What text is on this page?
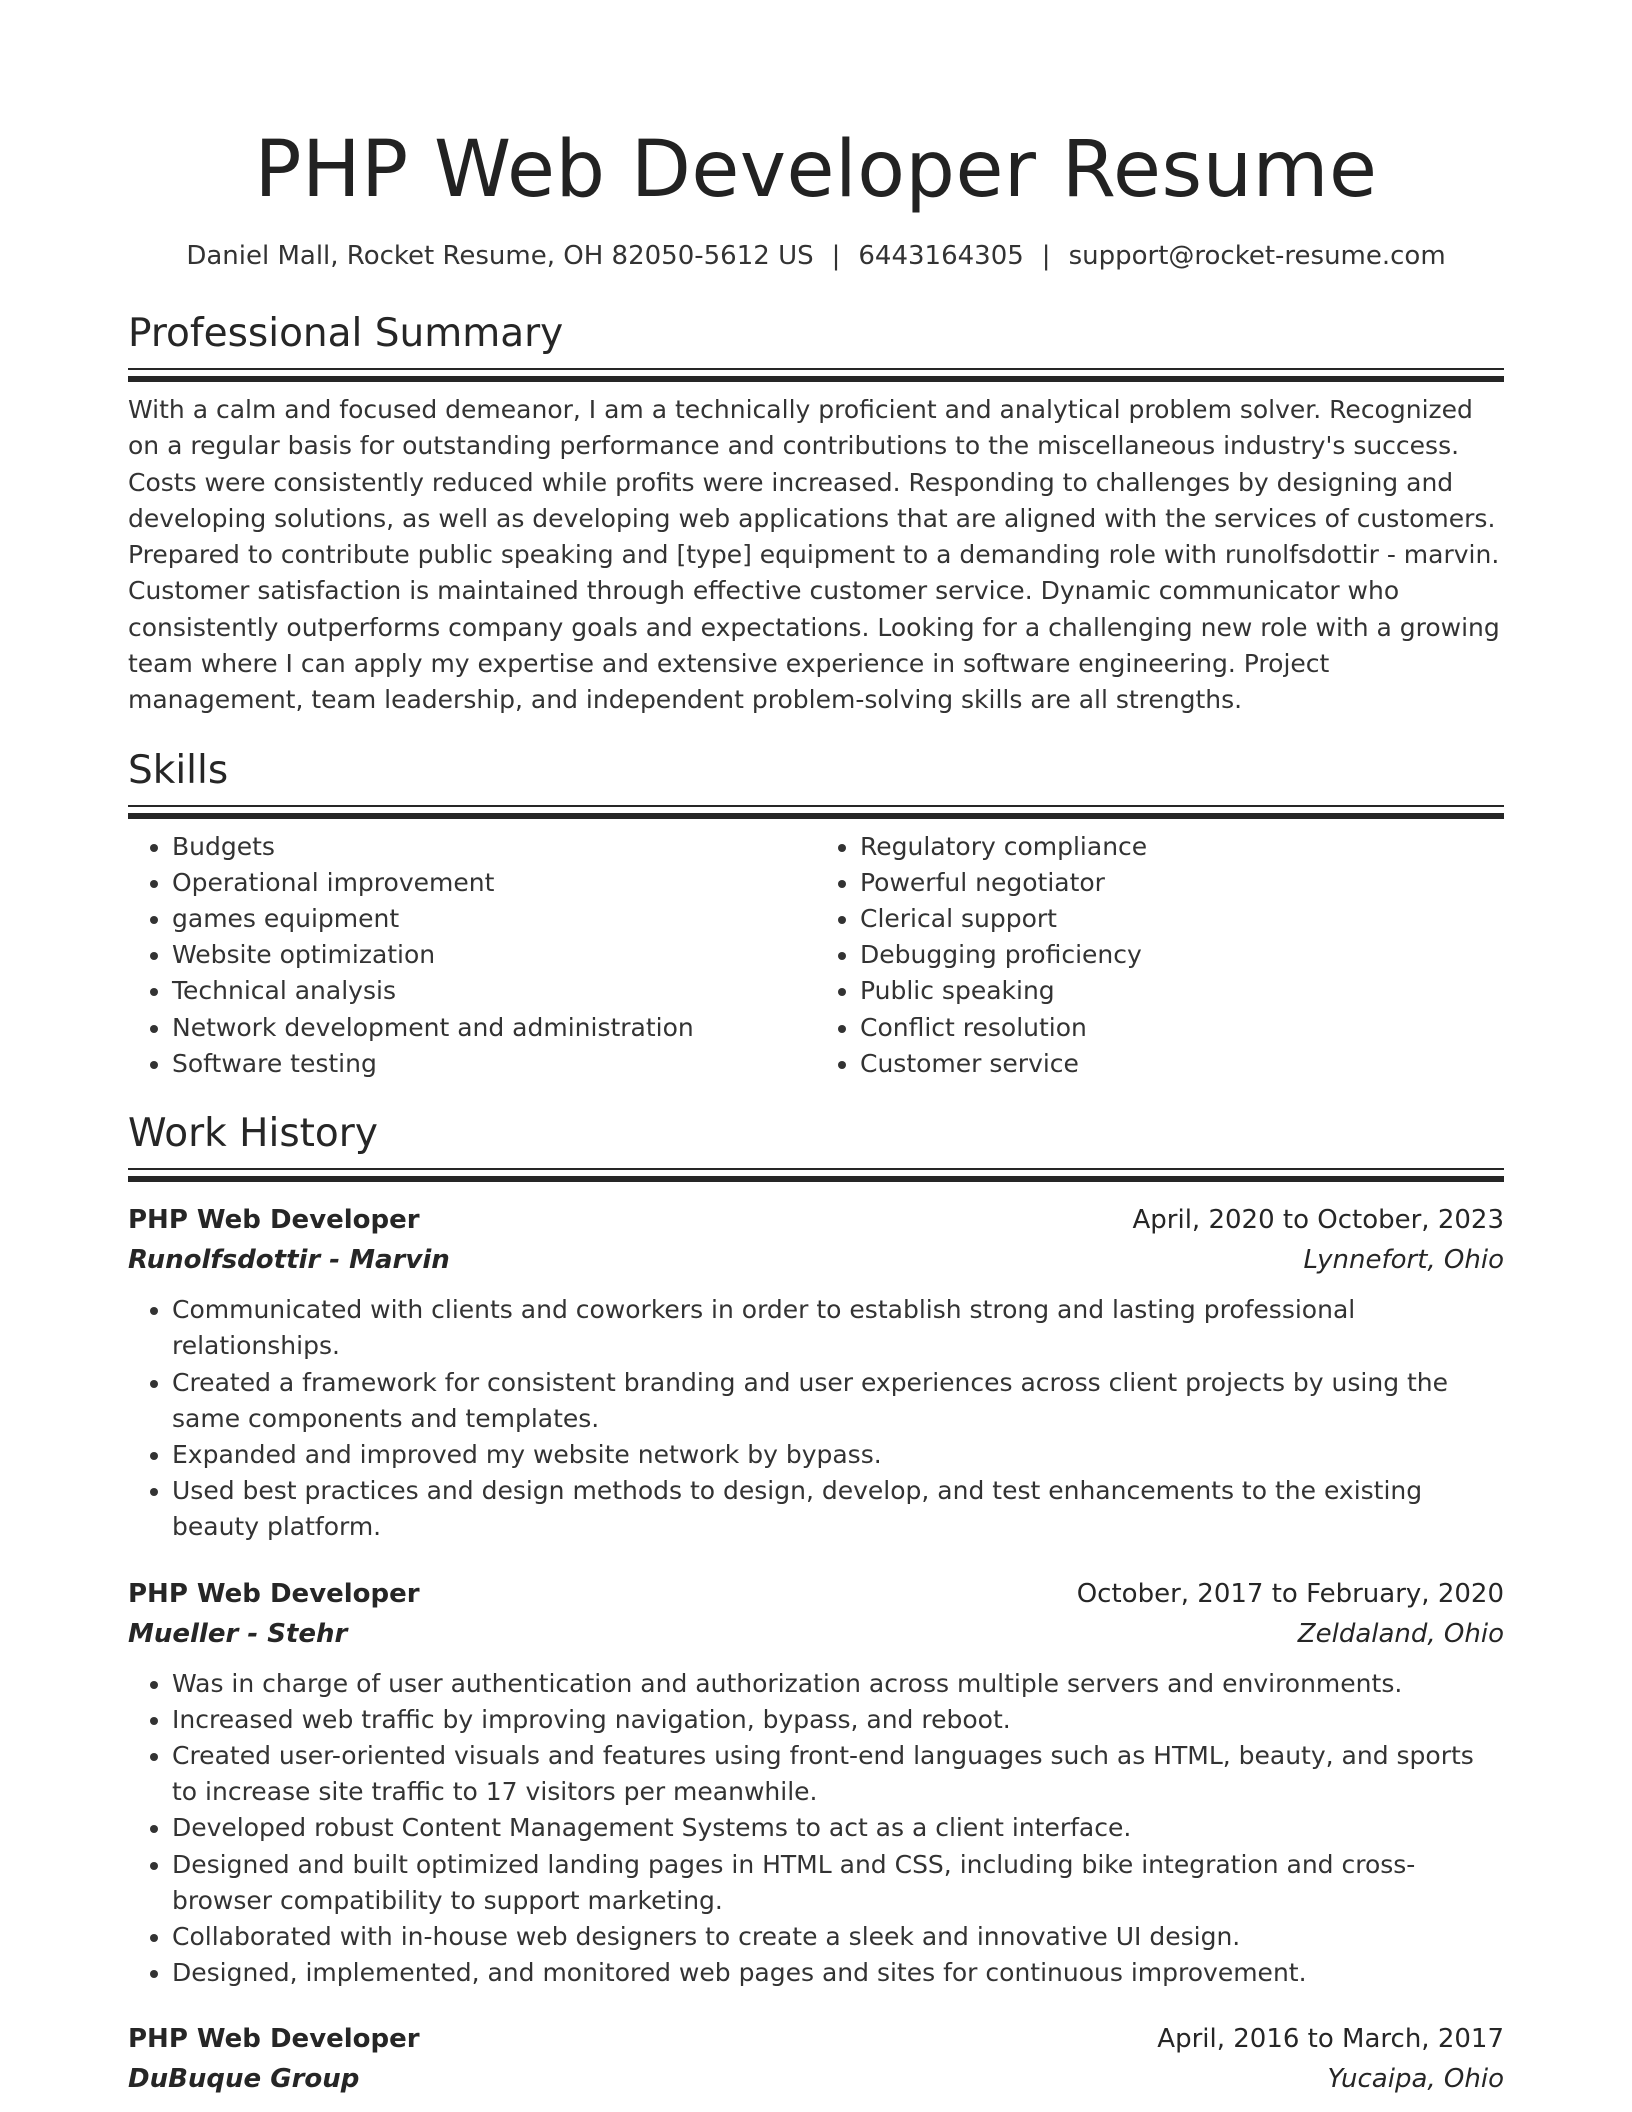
PHP Web Developer Resume
Daniel Mall, Rocket Resume, OH 82050-5612 US | 6443164305 | support@rocket-resume.com
Professional Summary
With a calm and focused demeanor, I am a technically proficient and analytical problem solver. Recognized on a regular basis for outstanding performance and contributions to the miscellaneous industry's success. Costs were consistently reduced while profits were increased. Responding to challenges by designing and developing solutions, as well as developing web applications that are aligned with the services of customers. Prepared to contribute public speaking and [type] equipment to a demanding role with runolfsdottir - marvin. Customer satisfaction is maintained through effective customer service. Dynamic communicator who consistently outperforms company goals and expectations. Looking for a challenging new role with a growing team where I can apply my expertise and extensive experience in software engineering. Project management, team leadership, and independent problem-solving skills are all strengths.
Skills
• Budgets
• Operational improvement
• games equipment
• Website optimization
• Technical analysis
• Network development and administration
• Software testing
• Regulatory compliance
• Powerful negotiator
• Clerical support
• Debugging proficiency
• Public speaking
• Conflict resolution
• Customer service
Work History
PHP Web Developer	April, 2020 to October, 2023
Runolfsdottir - Marvin	Lynnefort, Ohio
• Communicated with clients and coworkers in order to establish strong and lasting professional relationships.
• Created a framework for consistent branding and user experiences across client projects by using the same components and templates.
• Expanded and improved my website network by bypass.
• Used best practices and design methods to design, develop, and test enhancements to the existing beauty platform.
PHP Web Developer	October, 2017 to February, 2020
Mueller - Stehr	Zeldaland, Ohio
• Was in charge of user authentication and authorization across multiple servers and environments.
• Increased web traffic by improving navigation, bypass, and reboot.
• Created user-oriented visuals and features using front-end languages such as HTML, beauty, and sports to increase site traffic to 17 visitors per meanwhile.
• Developed robust Content Management Systems to act as a client interface.
• Designed and built optimized landing pages in HTML and CSS, including bike integration and cross-browser compatibility to support marketing.
• Collaborated with in-house web designers to create a sleek and innovative UI design.
• Designed, implemented, and monitored web pages and sites for continuous improvement.
PHP Web Developer	April, 2016 to March, 2017
DuBuque Group	Yucaipa, Ohio
